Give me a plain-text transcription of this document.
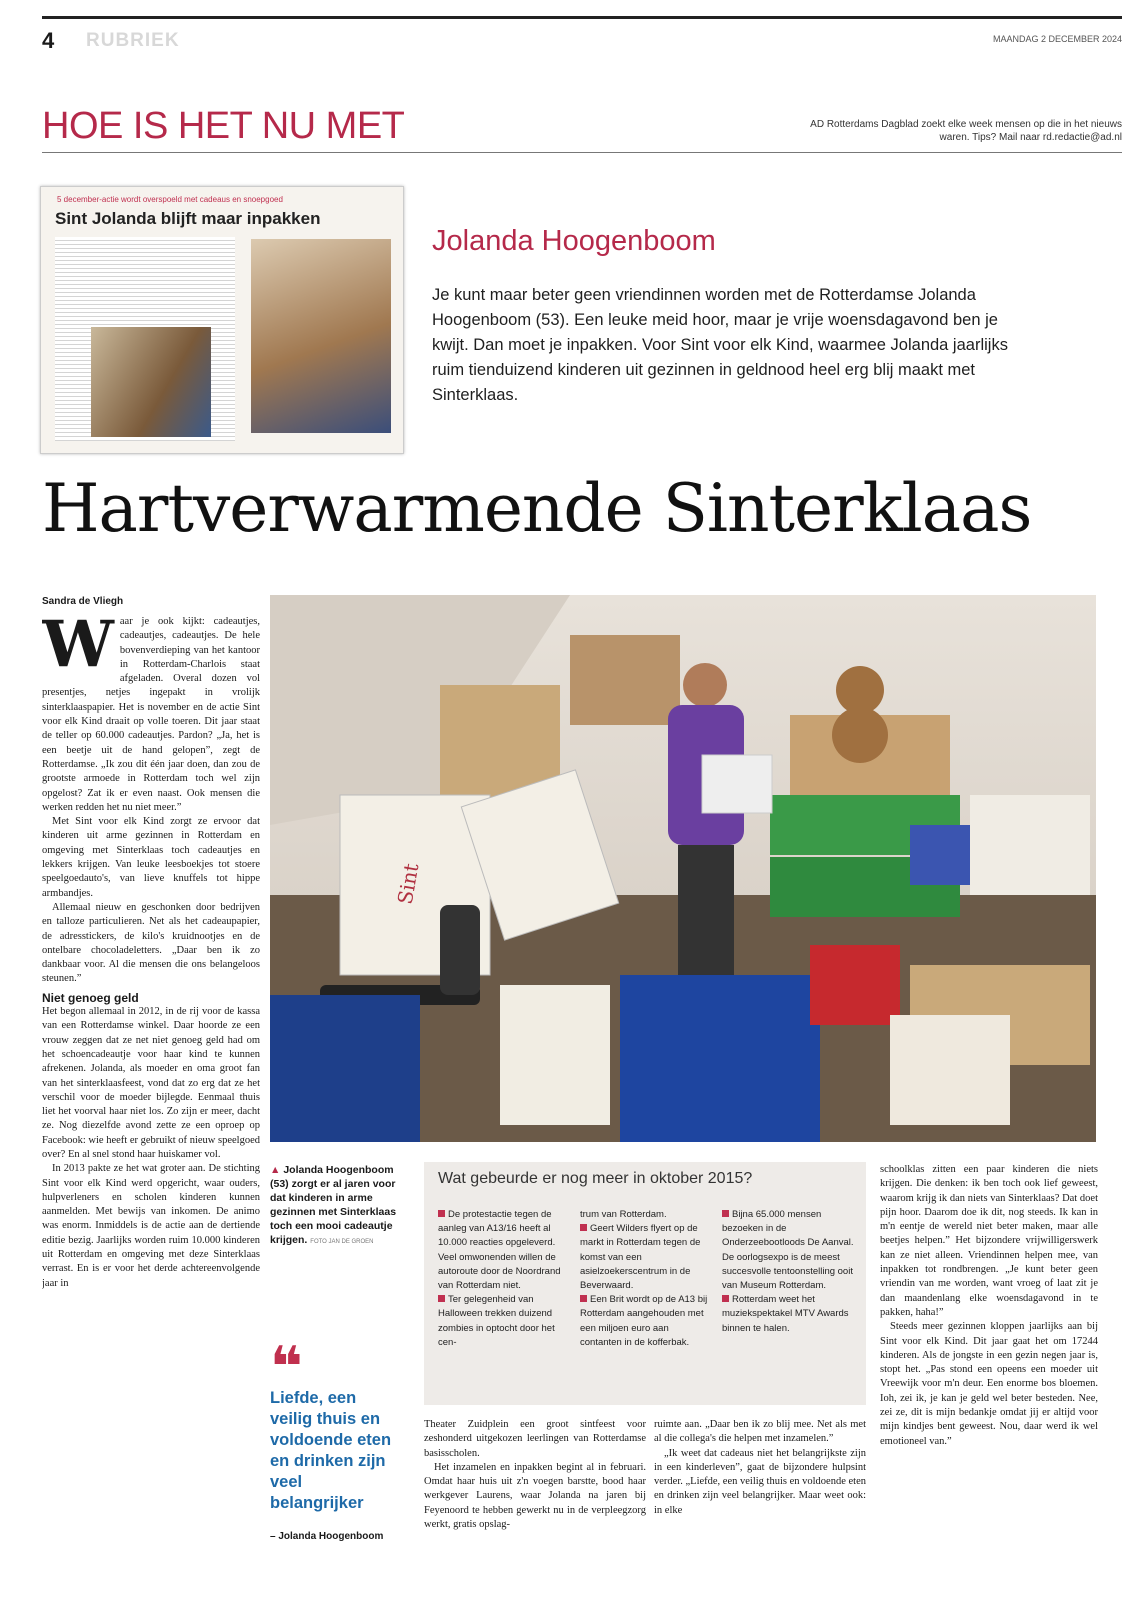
4 RUBRIEK	MAANDAG 2 DECEMBER 2024
HOE IS HET NU MET	AD Rotterdams Dagblad zoekt elke week mensen op die in het nieuws waren. Tips? Mail naar rd.redactie@ad.nl
5 december-actie wordt overspoeld met cadeaus en snoepgoed
Sint Jolanda blijft maar inpakken
Jolanda Hoogenboom
Je kunt maar beter geen vriendinnen worden met de Rotterdamse Jolanda Hoogenboom (53). Een leuke meid hoor, maar je vrije woensdagavond ben je kwijt. Dan moet je inpakken. Voor Sint voor elk Kind, waarmee Jolanda jaarlijks ruim tienduizend kinderen uit gezinnen in geldnood heel erg blij maakt met Sinterklaas.
Hartverwarmende Sinterklaas
Sandra de Vliegh
W aar je ook kijkt: cadeautjes, cadeautjes, cadeautjes. De hele bovenverdieping van het kantoor in Rotterdam-Charlois staat afgeladen. Overal dozen vol presentjes, netjes ingepakt in vrolijk sinterklaaspapier. Het is november en de actie Sint voor elk Kind draait op volle toeren. Dit jaar staat de teller op 60.000 cadeautjes. Pardon? „Ja, het is een beetje uit de hand gelopen”, zegt de Rotterdamse. „Ik zou dit één jaar doen, dan zou de grootste armoede in Rotterdam toch wel zijn opgelost? Zat ik er even naast. Ook mensen die werken redden het nu niet meer.”

Met Sint voor elk Kind zorgt ze ervoor dat kinderen uit arme gezinnen in Rotterdam en omgeving met Sinterklaas toch cadeautjes en lekkers krijgen. Van leuke leesboekjes tot stoere speelgoedauto's, van lieve knuffels tot hippe armbandjes.

Allemaal nieuw en geschonken door bedrijven en talloze particulieren. Net als het cadeaupapier, de adresstickers, de kilo's kruidnootjes en de ontelbare chocoladeletters. „Daar ben ik zo dankbaar voor. Al die mensen die ons belangeloos steunen.”

Niet genoeg geld

Het begon allemaal in 2012, in de rij voor de kassa van een Rotterdamse winkel. Daar hoorde ze een vrouw zeggen dat ze net niet genoeg geld had om het schoencadeautje voor haar kind te kunnen afrekenen. Jolanda, als moeder en oma groot fan van het sinterklaasfeest, vond dat zo erg dat ze het verschil voor de moeder bijlegde. Eenmaal thuis liet het voorval haar niet los. Zo zijn er meer, dacht ze. Nog diezelfde avond zette ze een oproep op Facebook: wie heeft er gebruikt of nieuw speelgoed over? En al snel stond haar huiskamer vol.

In 2013 pakte ze het wat groter aan. De stichting Sint voor elk Kind werd opgericht, waar ouders, hulpverleners en scholen kinderen kunnen aanmelden. Met bewijs van inkomen. De animo was enorm. Inmiddels is de actie aan de dertiende editie bezig. Jaarlijks worden ruim 10.000 kinderen uit Rotterdam en omgeving met deze Sinterklaas verrast. En is er voor het derde achtereenvolgende jaar in

Sint
▲ Jolanda Hoogenboom (53) zorgt er al jaren voor dat kinderen in arme gezinnen met Sinterklaas toch een mooi cadeautje krijgen. FOTO JAN DE GROEN
❝
Liefde, een veilig thuis en voldoende eten en drinken zijn veel belangrijker
– Jolanda Hoogenboom
Wat gebeurde er nog meer in oktober 2015?
De protestactie tegen de aanleg van A13/16 heeft al 10.000 reacties opgeleverd. Veel omwonenden willen de autoroute door de Noordrand van Rotterdam niet.
Ter gelegenheid van Halloween trekken duizend zombies in optocht door het cen-
trum van Rotterdam.
Geert Wilders flyert op de markt in Rotterdam tegen de komst van een asielzoekerscentrum in de Beverwaard.
Een Brit wordt op de A13 bij Rotterdam aangehouden met een miljoen euro aan contanten in de kofferbak.
Bijna 65.000 mensen bezoeken in de Onderzeebootloods De Aanval. De oorlogsexpo is de meest succesvolle tentoonstelling ooit van Museum Rotterdam.
Rotterdam weet het muziekspektakel MTV Awards binnen te halen.

Theater Zuidplein een groot sintfeest voor zeshonderd uitgekozen leerlingen van Rotterdamse basisscholen.

Het inzamelen en inpakken begint al in februari. Omdat haar huis uit z'n voegen barstte, bood haar werkgever Laurens, waar Jolanda na jaren bij Feyenoord te hebben gewerkt nu in de verpleegzorg werkt, gratis opslag-

ruimte aan. „Daar ben ik zo blij mee. Net als met al die collega's die helpen met inzamelen.”

„Ik weet dat cadeaus niet het belangrijkste zijn in een kinderleven”, gaat de bijzondere hulpsint verder. „Liefde, een veilig thuis en voldoende eten en drinken zijn veel belangrijker. Maar weet ook: in elke

schoolklas zitten een paar kinderen die niets krijgen. Die denken: ik ben toch ook lief geweest, waarom krijg ik dan niets van Sinterklaas? Dat doet pijn hoor. Daarom doe ik dit, nog steeds. Ik kan in m'n eentje de wereld niet beter maken, maar alle beetjes helpen.” Het bijzondere vrijwilligerswerk kan ze niet alleen. Vriendinnen helpen mee, van inpakken tot rondbrengen. „Je kunt beter geen vriendin van me worden, want vroeg of laat zit je dan maandenlang elke woensdagavond in te pakken, haha!”

Steeds meer gezinnen kloppen jaarlijks aan bij Sint voor elk Kind. Dit jaar gaat het om 17244 kinderen. Als de jongste in een gezin negen jaar is, stopt het. „Pas stond een opeens een moeder uit Vreewijk voor m'n deur. Een enorme bos bloemen. Ioh, zei ik, je kan je geld wel beter besteden. Nee, zei ze, dit is mijn bedankje omdat jij er altijd voor mijn kindjes bent geweest. Nou, daar werd ik wel emotioneel van.”
